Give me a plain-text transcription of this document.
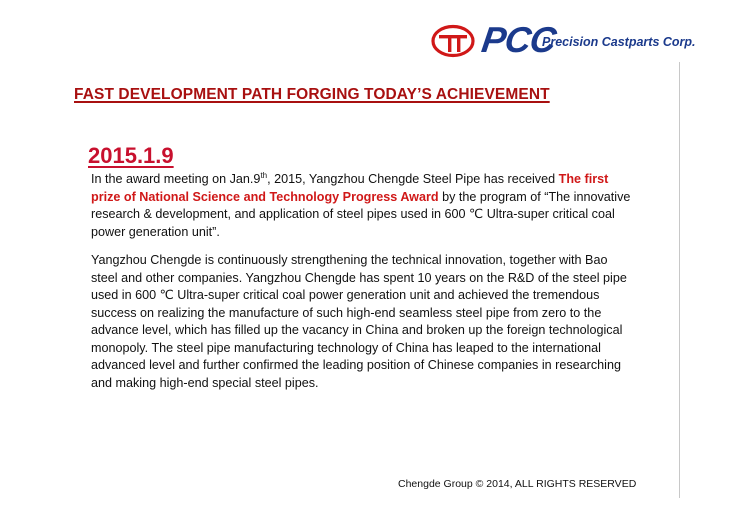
PCC
Precision Castparts Corp.
FAST DEVELOPMENT PATH FORGING TODAY’S ACHIEVEMENT
2015.1.9

In the award meeting on Jan.9th, 2015, Yangzhou Chengde Steel Pipe has received The first prize of National Science and Technology Progress Award by the program of “The innovative research & development, and application of steel pipes used in 600 ℃ Ultra-super critical coal power generation unit”.

Yangzhou Chengde is continuously strengthening the technical innovation, together with Bao steel and other companies. Yangzhou Chengde has spent 10 years on the R&D of the steel pipe used in 600 ℃ Ultra-super critical coal power generation unit and achieved the tremendous success on realizing the manufacture of such high-end seamless steel pipe from zero to the advance level, which has filled up the vacancy in China and broken up the foreign technological monopoly. The steel pipe manufacturing technology of China has leaped to the international advanced level and further confirmed the leading position of Chinese companies in researching and making high-end special steel pipes.

Chengde Group © 2014, ALL RIGHTS RESERVED
